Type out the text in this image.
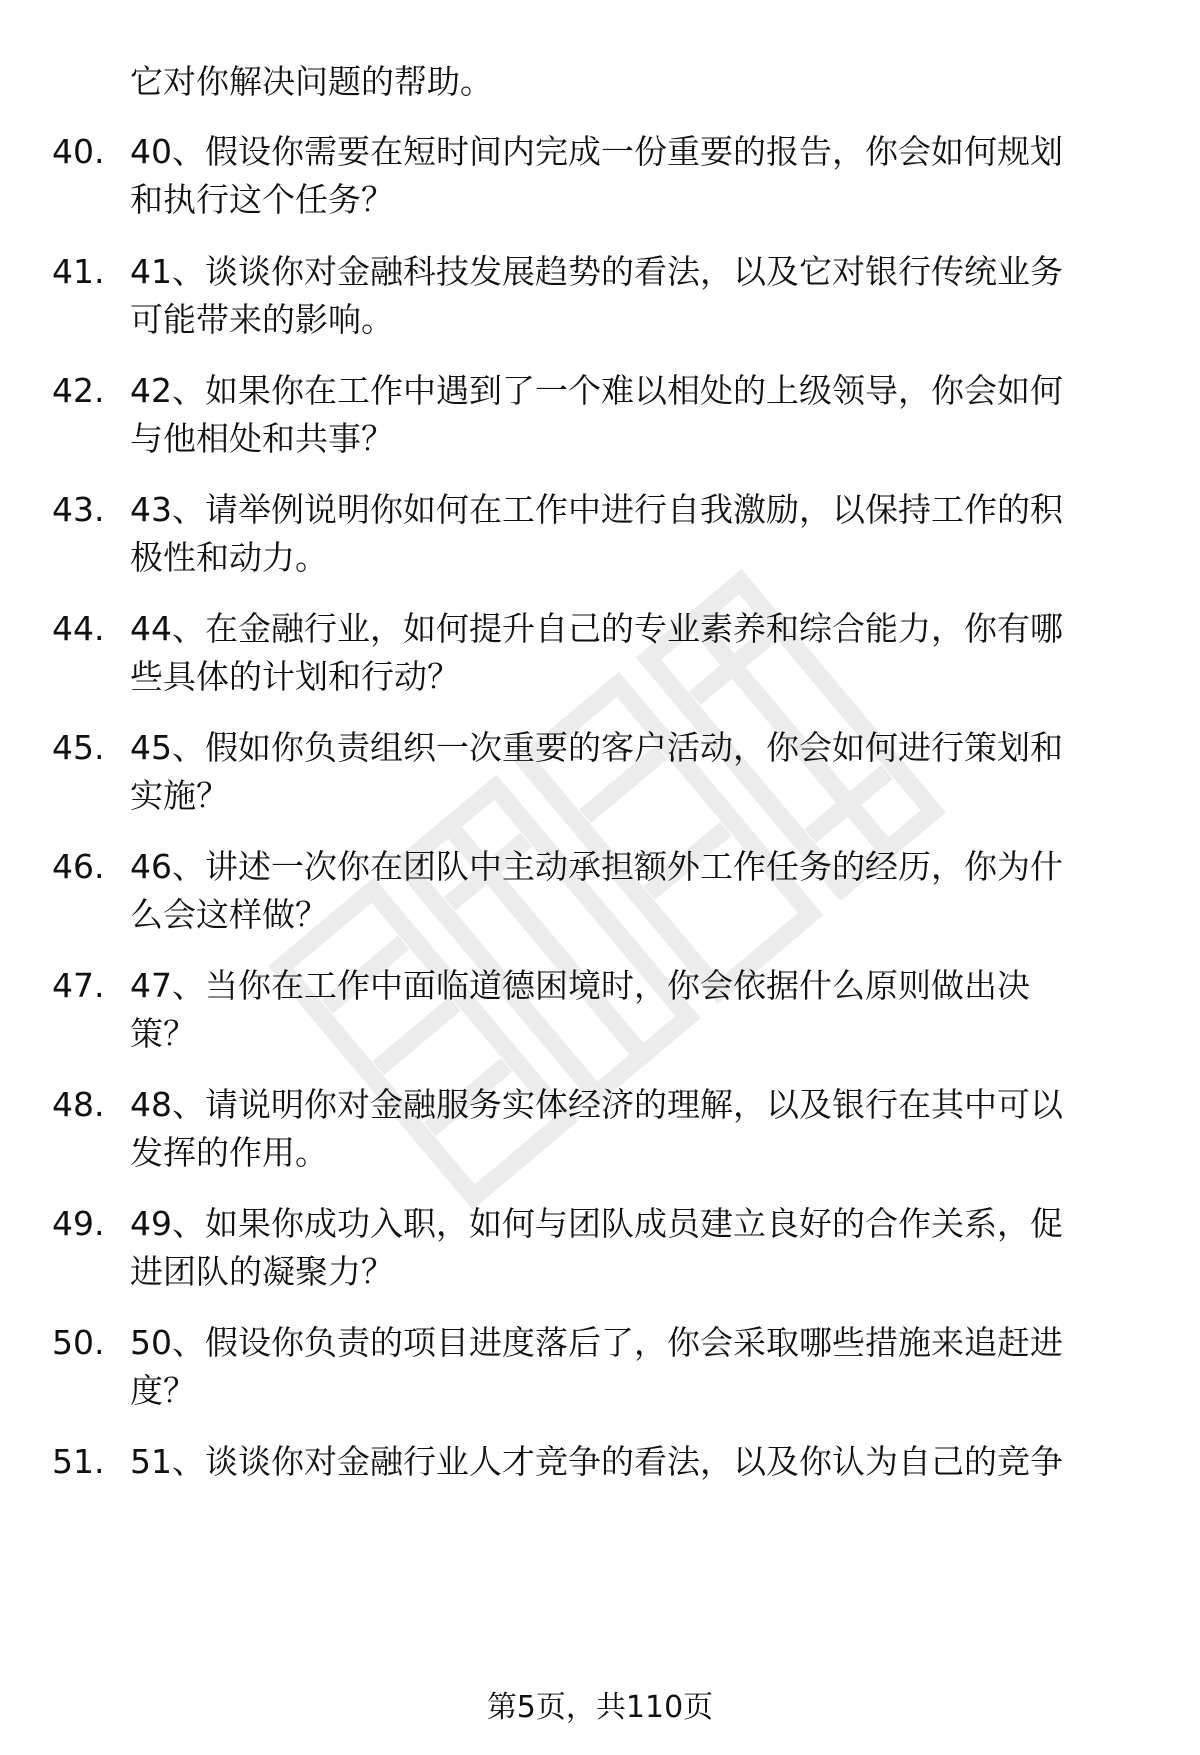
它对你解决问题的帮助。
40. 40、假设你需要在短时间内完成一份重要的报告，你会如何规划
和执行这个任务？
41. 41、谈谈你对金融科技发展趋势的看法，以及它对银行传统业务
可能带来的影响。
42. 42、如果你在工作中遇到了一个难以相处的上级领导，你会如何
与他相处和共事？
43. 43、请举例说明你如何在工作中进行自我激励，以保持工作的积
极性和动力。
44. 44、在金融行业，如何提升自己的专业素养和综合能力，你有哪
些具体的计划和行动？
45. 45、假如你负责组织一次重要的客户活动，你会如何进行策划和
实施？
46. 46、讲述一次你在团队中主动承担额外工作任务的经历，你为什
么会这样做？
47. 47、当你在工作中面临道德困境时，你会依据什么原则做出决
策？
48. 48、请说明你对金融服务实体经济的理解，以及银行在其中可以
发挥的作用。
49. 49、如果你成功入职，如何与团队成员建立良好的合作关系，促
进团队的凝聚力？
50. 50、假设你负责的项目进度落后了，你会采取哪些措施来追赶进
度？
51. 51、谈谈你对金融行业人才竞争的看法，以及你认为自己的竞争
第5页，共110页
